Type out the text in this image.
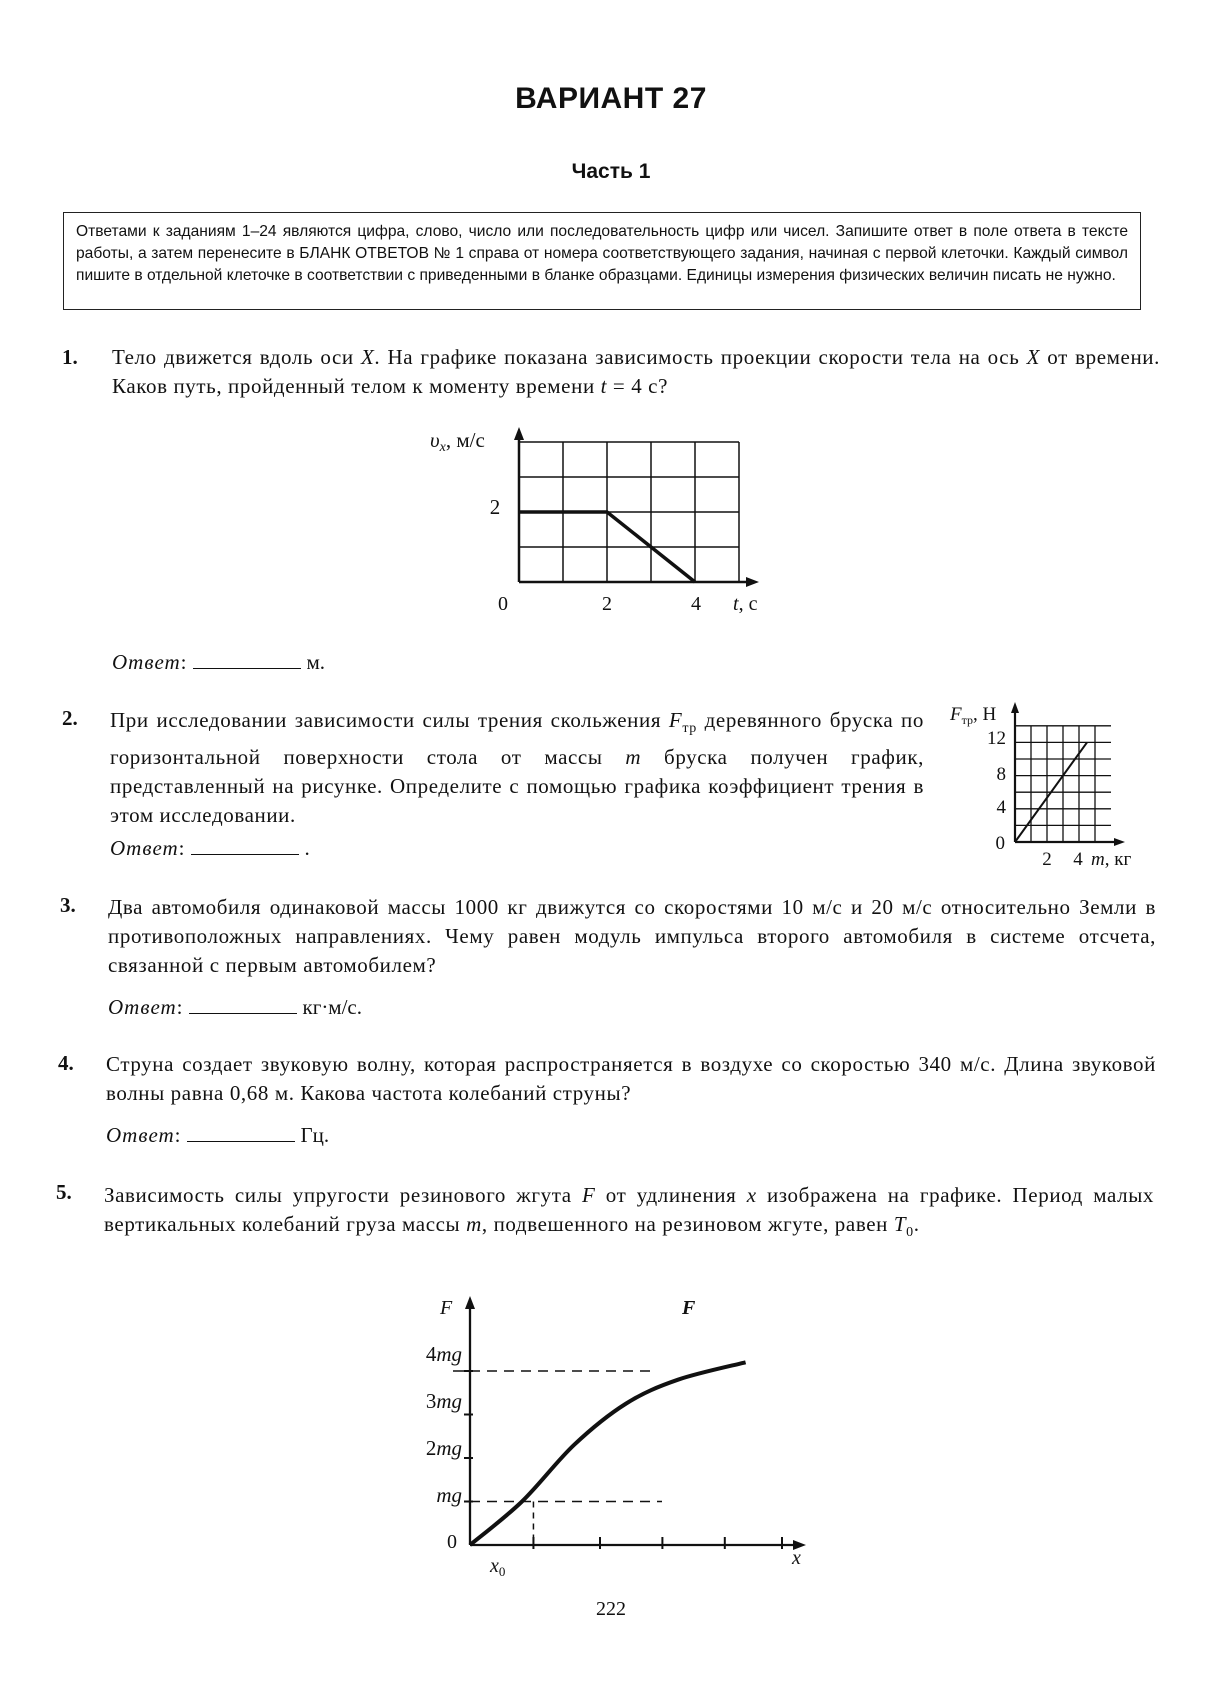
ВАРИАНТ 27
Часть 1
Ответами к заданиям 1–24 являются цифра, слово, число или последовательность цифр или чисел. Запишите ответ в поле ответа в тексте работы, а затем перенесите в БЛАНК ОТВЕТОВ № 1 справа от номера соответствующего задания, начиная с первой клеточки. Каждый символ пишите в отдельной клеточке в соответствии с приведенными в бланке образцами. Единицы измерения физических величин писать не нужно.
1. Тело движется вдоль оси X. На графике показана зависимость проекции скорости тела на ось X от времени. Каков путь, пройденный телом к моменту времени t = 4 с?
υx, м/с
0	2	4
2
t, с
Ответ:	м.
2. При исследовании зависимости силы трения скольжения $F_{тр}$ деревянного бруска по горизонтальной поверхности стола от массы m бруска получен график, представленный на рисунке. Определите с помощью графика коэффициент трения в этом исследовании.
$F_{тр}$, Н
12
8
4
0
2 4 m, кг
Ответ:	.
3. Два автомобиля одинаковой массы 1000 кг движутся со скоростями 10 м/с и 20 м/с относительно Земли в противоположных направлениях. Чему равен модуль импульса второго автомобиля в системе отсчета, связанной с первым автомобилем?
Ответ:	кг·м/с.
4. Струна создает звуковую волну, которая распространяется в воздухе со скоростью 340 м/с. Длина звуковой волны равна 0,68 м. Какова частота колебаний струны?
Ответ:	Гц.
5. Зависимость силы упругости резинового жгута F от удлинения x изображена на графике. Период малых вертикальных колебаний груза массы m, подвешенного на резиновом жгуте, равен $T_0$.
F	F
4mg
3mg
2mg
mg
0
$x_0$
x
222
